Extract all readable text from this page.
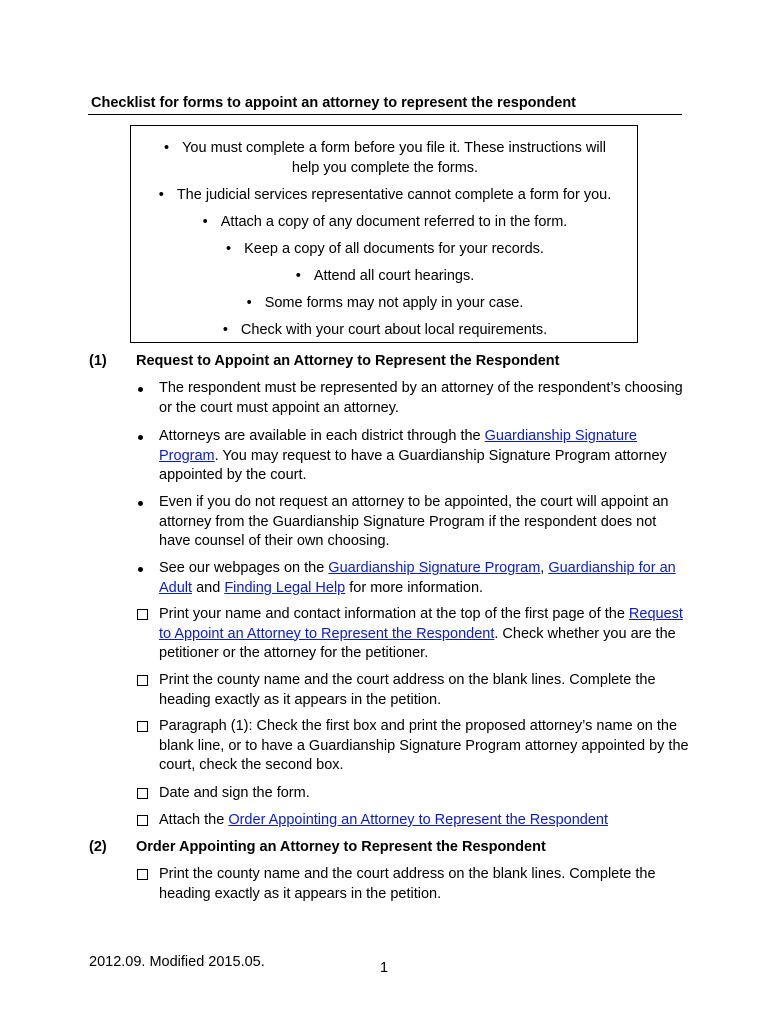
Checklist for forms to appoint an attorney to represent the respondent
• You must complete a form before you file it. These instructions will
help you complete the forms.
• The judicial services representative cannot complete a form for you.
• Attach a copy of any document referred to in the form.
• Keep a copy of all documents for your records.
• Attend all court hearings.
• Some forms may not apply in your case.
• Check with your court about local requirements.
(1) Request to Appoint an Attorney to Represent the Respondent
The respondent must be represented by an attorney of the respondent’s choosing or the court must appoint an attorney.
Attorneys are available in each district through the Guardianship Signature Program. You may request to have a Guardianship Signature Program attorney appointed by the court.
Even if you do not request an attorney to be appointed, the court will appoint an attorney from the Guardianship Signature Program if the respondent does not have counsel of their own choosing.
See our webpages on the Guardianship Signature Program, Guardianship for an Adult and Finding Legal Help for more information.
Print your name and contact information at the top of the first page of the Request to Appoint an Attorney to Represent the Respondent. Check whether you are the petitioner or the attorney for the petitioner.
Print the county name and the court address on the blank lines. Complete the heading exactly as it appears in the petition.
Paragraph (1): Check the first box and print the proposed attorney’s name on the blank line, or to have a Guardianship Signature Program attorney appointed by the court, check the second box.
Date and sign the form.
Attach the Order Appointing an Attorney to Represent the Respondent
(2) Order Appointing an Attorney to Represent the Respondent
Print the county name and the court address on the blank lines. Complete the heading exactly as it appears in the petition.
2012.09. Modified 2015.05.	1
